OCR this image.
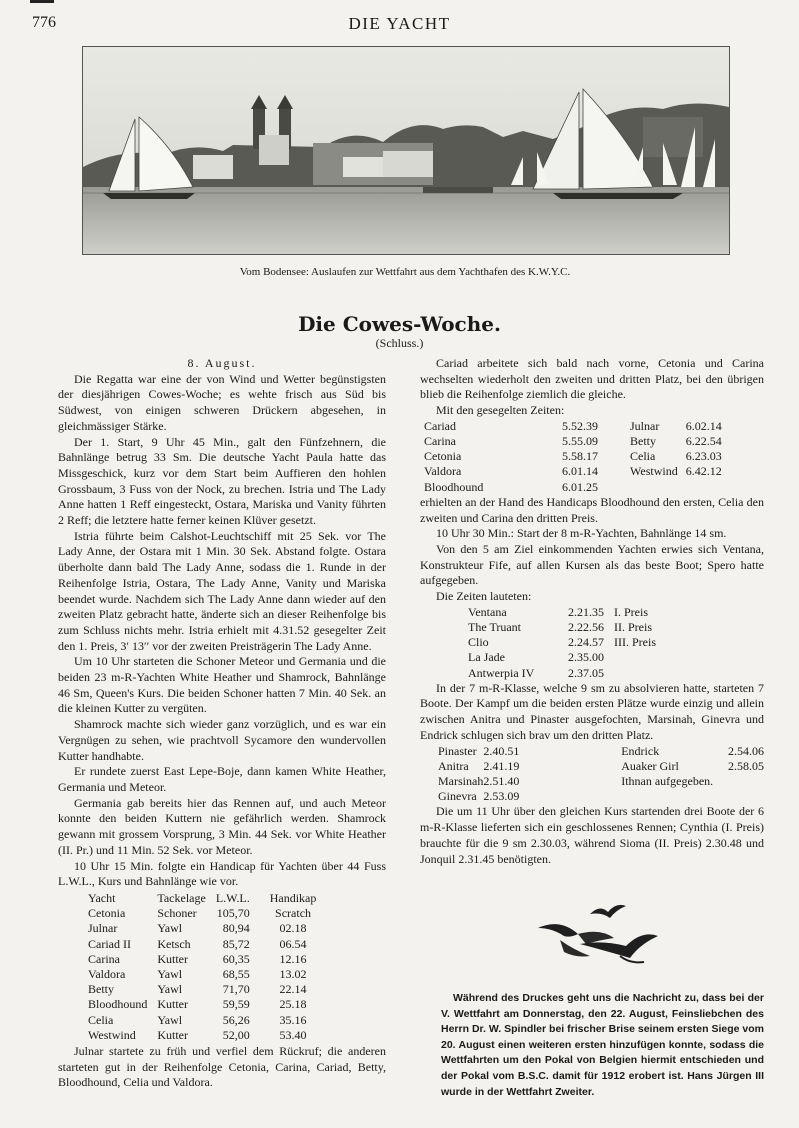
776	DIE YACHT
Vom Bodensee: Auslaufen zur Wettfahrt aus dem Yachthafen des K.W.Y.C.
Die Cowes-Woche.
(Schluss.)

8. August.

Die Regatta war eine der von Wind und Wetter begünstigsten der diesjährigen Cowes-Woche; es wehte frisch aus Süd bis Südwest, von einigen schweren Drückern abgesehen, in gleichmässiger Stärke.

Der 1. Start, 9 Uhr 45 Min., galt den Fünfzehnern, die Bahnlänge betrug 33 Sm. Die deutsche Yacht Paula hatte das Missgeschick, kurz vor dem Start beim Auffieren den hohlen Grossbaum, 3 Fuss von der Nock, zu brechen. Istria und The Lady Anne hatten 1 Reff eingesteckt, Ostara, Mariska und Vanity führten 2 Reff; die letztere hatte ferner keinen Klüver gesetzt.

Istria führte beim Calshot-Leuchtschiff mit 25 Sek. vor The Lady Anne, der Ostara mit 1 Min. 30 Sek. Abstand folgte. Ostara überholte dann bald The Lady Anne, sodass die 1. Runde in der Reihenfolge Istria, Ostara, The Lady Anne, Vanity und Mariska beendet wurde. Nachdem sich The Lady Anne dann wieder auf den zweiten Platz gebracht hatte, änderte sich an dieser Reihenfolge bis zum Schluss nichts mehr. Istria erhielt mit 4.31.52 gesegelter Zeit den 1. Preis, 3′ 13′′ vor der zweiten Preisträgerin The Lady Anne.

Um 10 Uhr starteten die Schoner Meteor und Germania und die beiden 23 m-R-Yachten White Heather und Shamrock, Bahnlänge 46 Sm, Queen's Kurs. Die beiden Schoner hatten 7 Min. 40 Sek. an die kleinen Kutter zu vergüten.

Shamrock machte sich wieder ganz vorzüglich, und es war ein Vergnügen zu sehen, wie prachtvoll Sycamore den wundervollen Kutter handhabte.

Er rundete zuerst East Lepe-Boje, dann kamen White Heather, Germania und Meteor.

Germania gab bereits hier das Rennen auf, und auch Meteor konnte den beiden Kuttern nie gefährlich werden. Shamrock gewann mit grossem Vorsprung, 3 Min. 44 Sek. vor White Heather (II. Pr.) und 11 Min. 52 Sek. vor Meteor.

10 Uhr 15 Min. folgte ein Handicap für Yachten über 44 Fuss L.W.L., Kurs und Bahnlänge wie vor.

Yacht	Tackelage	L.W.L.	Handikap
Cetonia	Schoner	105,70	Scratch
Julnar	Yawl	80,94	02.18
Cariad II	Ketsch	85,72	06.54
Carina	Kutter	60,35	12.16
Valdora	Yawl	68,55	13.02
Betty	Yawl	71,70	22.14
Bloodhound	Kutter	59,59	25.18
Celia	Yawl	56,26	35.16
Westwind	Kutter	52,00	53.40

Julnar startete zu früh und verfiel dem Rückruf; die anderen starteten gut in der Reihenfolge Cetonia, Carina, Cariad, Betty, Bloodhound, Celia und Valdora.

Cariad arbeitete sich bald nach vorne, Cetonia und Carina wechselten wiederholt den zweiten und dritten Platz, bei den übrigen blieb die Reihenfolge ziemlich die gleiche.

Mit den gesegelten Zeiten:

Cariad	5.52.39	Julnar	6.02.14
Carina	5.55.09	Betty	6.22.54
Cetonia	5.58.17	Celia	6.23.03
Valdora	6.01.14	Westwind	6.42.12
Bloodhound	6.01.25		

erhielten an der Hand des Handicaps Bloodhound den ersten, Celia den zweiten und Carina den dritten Preis.

10 Uhr 30 Min.: Start der 8 m-R-Yachten, Bahnlänge 14 sm.

Von den 5 am Ziel einkommenden Yachten erwies sich Ventana, Konstrukteur Fife, auf allen Kursen als das beste Boot; Spero hatte aufgegeben.

Die Zeiten lauteten:

Ventana	2.21.35	I. Preis
The Truant	2.22.56	II. Preis
Clio	2.24.57	III. Preis
La Jade	2.35.00	
Antwerpia IV	2.37.05	

In der 7 m-R-Klasse, welche 9 sm zu absolvieren hatte, starteten 7 Boote. Der Kampf um die beiden ersten Plätze wurde einzig und allein zwischen Anitra und Pinaster ausgefochten, Marsinah, Ginevra und Endrick schlugen sich brav um den dritten Platz.

Pinaster	2.40.51	Endrick	2.54.06
Anitra	2.41.19	Auaker Girl	2.58.05
Marsinah	2.51.40	Ithnan aufgegeben.	
Ginevra	2.53.09		

Die um 11 Uhr über den gleichen Kurs startenden drei Boote der 6 m-R-Klasse lieferten sich ein geschlossenes Rennen; Cynthia (I. Preis) brauchte für die 9 sm 2.30.03, während Sioma (II. Preis) 2.30.48 und Jonquil 2.31.45 benötigten.

Während des Druckes geht uns die Nachricht zu, dass bei der V. Wettfahrt am Donnerstag, den 22. August, Feinsliebchen des Herrn Dr. W. Spindler bei frischer Brise seinem ersten Siege vom 20. August einen weiteren ersten hinzufügen konnte, sodass die Wettfahrten um den Pokal von Belgien hiermit entschieden und der Pokal vom B.S.C. damit für 1912 erobert ist. Hans Jürgen III wurde in der Wettfahrt Zweiter.
